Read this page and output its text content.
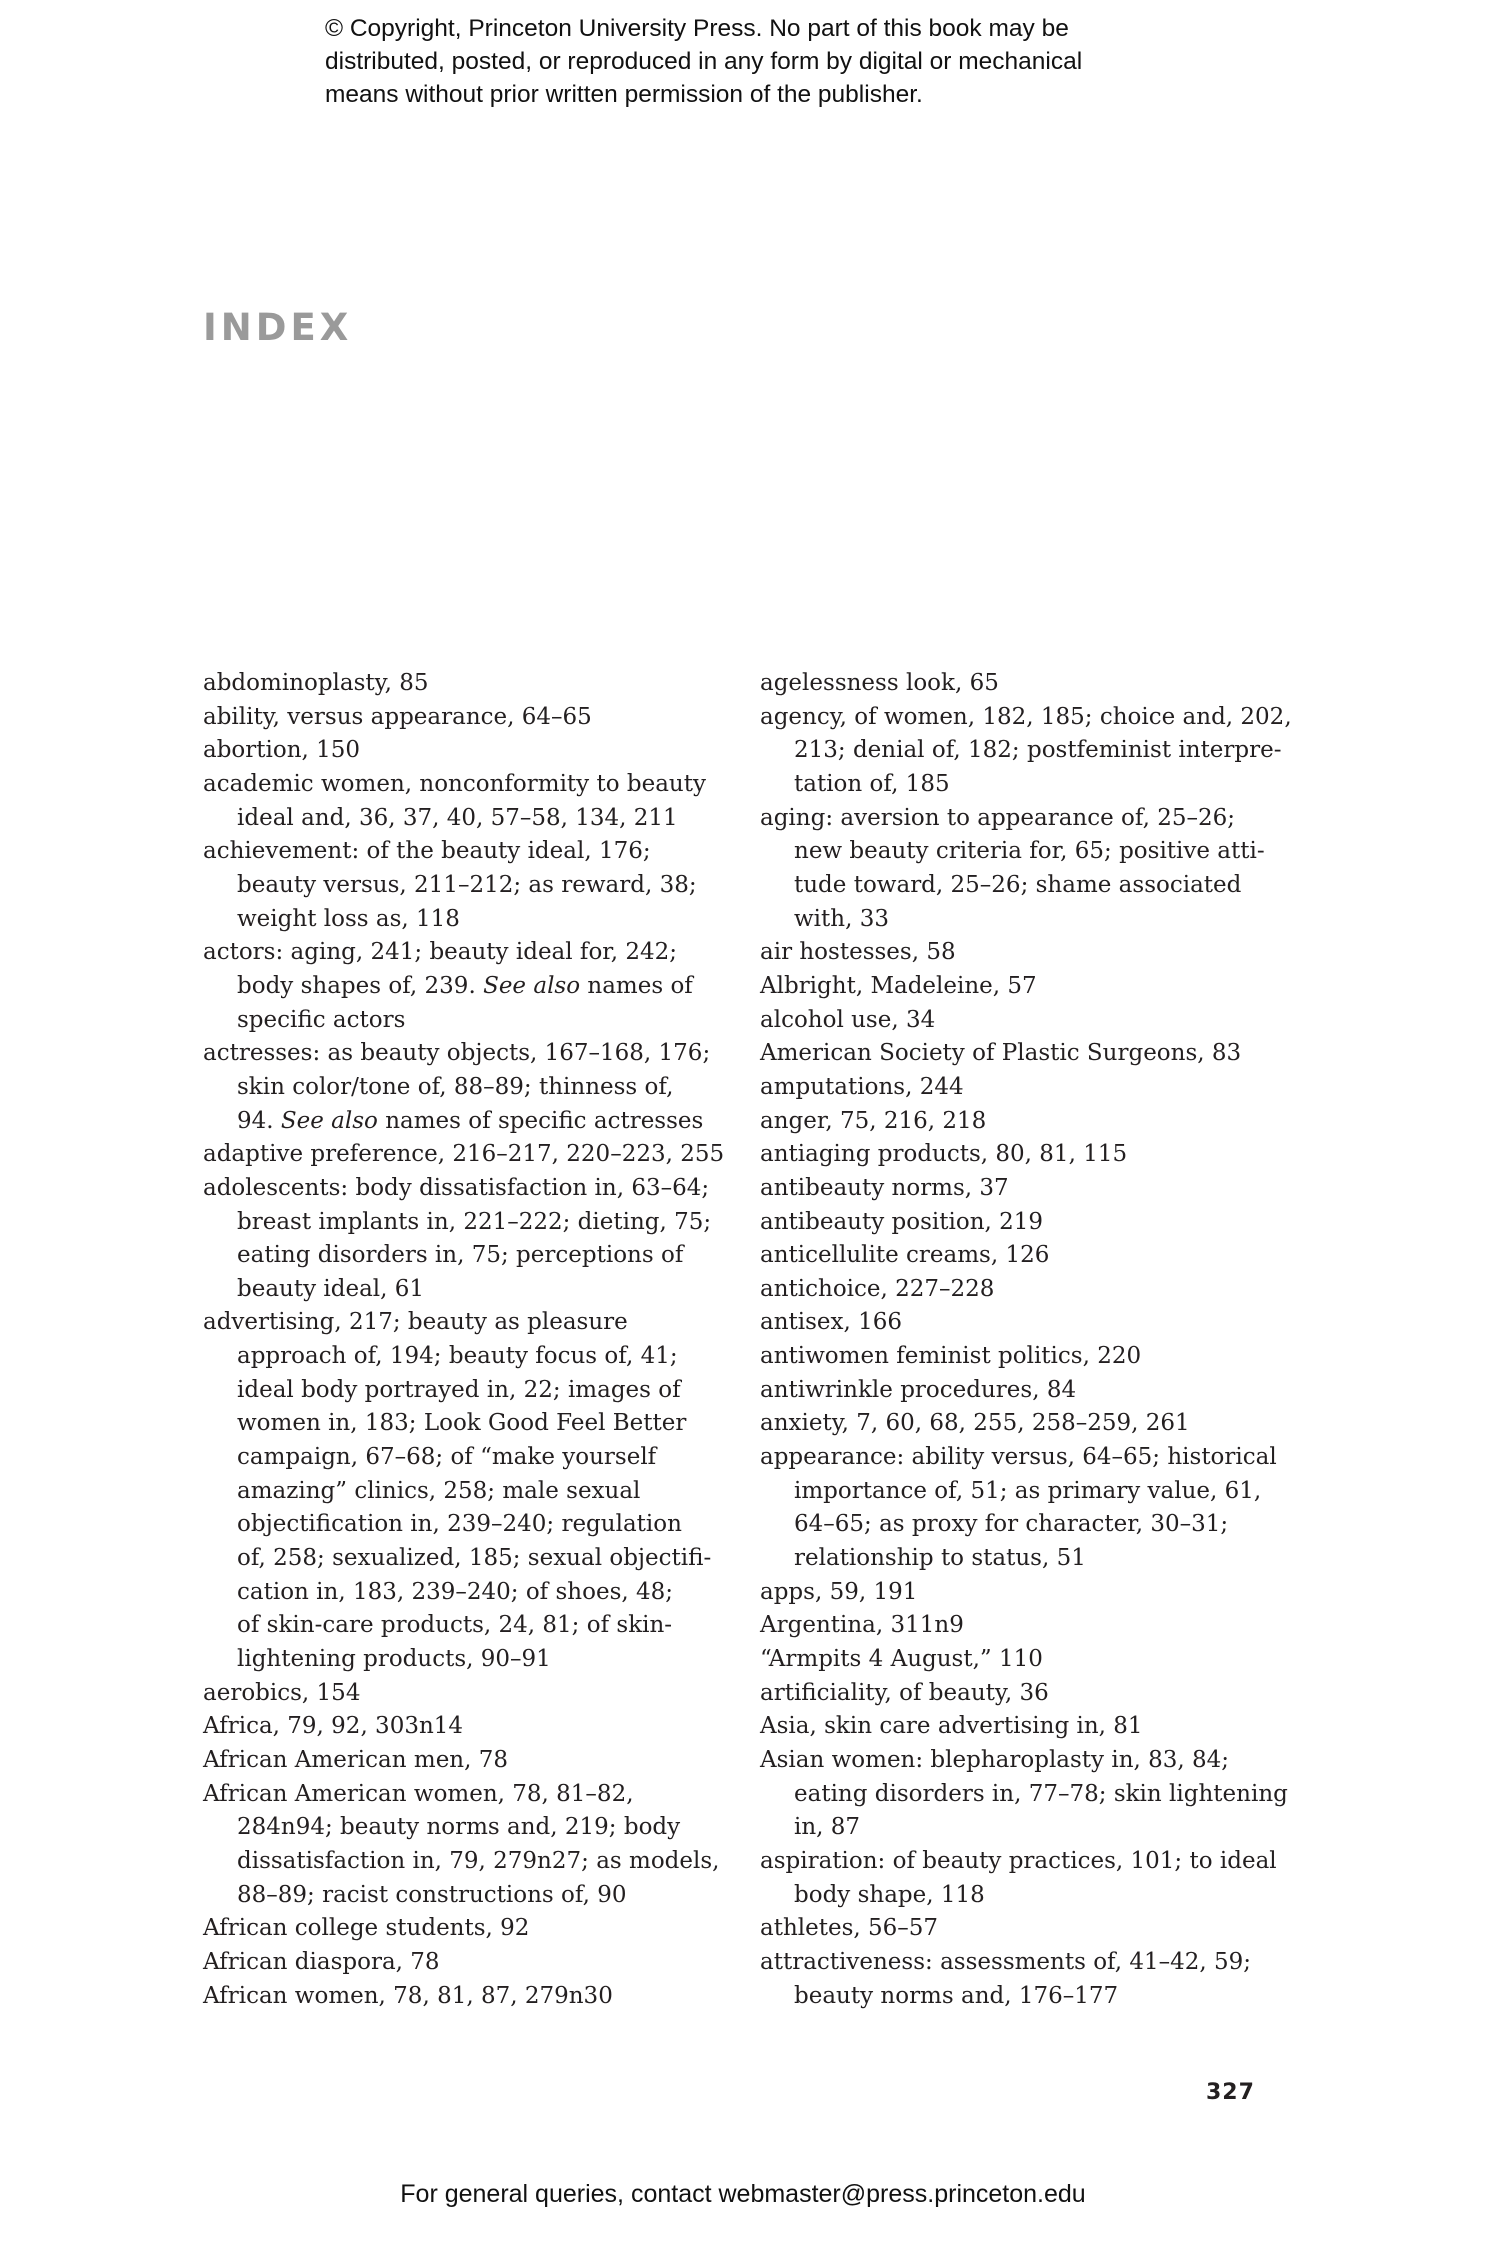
© Copyright, Princeton University Press. No part of this book may be
distributed, posted, or reproduced in any form by digital or mechanical
means without prior written permission of the publisher.
INDEX
abdominoplasty, 85
ability, versus appearance, 64–65
abortion, 150
academic women, nonconformity to beauty
ideal and, 36, 37, 40, 57–58, 134, 211
achievement: of the beauty ideal, 176;
beauty versus, 211–212; as reward, 38;
weight loss as, 118
actors: aging, 241; beauty ideal for, 242;
body shapes of, 239. See also names of
specific actors
actresses: as beauty objects, 167–168, 176;
skin color/tone of, 88–89; thinness of,
94. See also names of specific actresses
adaptive preference, 216–217, 220–223, 255
adolescents: body dissatisfaction in, 63–64;
breast implants in, 221–222; dieting, 75;
eating disorders in, 75; perceptions of
beauty ideal, 61
advertising, 217; beauty as pleasure
approach of, 194; beauty focus of, 41;
ideal body portrayed in, 22; images of
women in, 183; Look Good Feel Better
campaign, 67–68; of “make yourself
amazing” clinics, 258; male sexual
objectification in, 239–240; regulation
of, 258; sexualized, 185; sexual objectifi-
cation in, 183, 239–240; of shoes, 48;
of skin-care products, 24, 81; of skin-
lightening products, 90–91
aerobics, 154
Africa, 79, 92, 303n14
African American men, 78
African American women, 78, 81–82,
284n94; beauty norms and, 219; body
dissatisfaction in, 79, 279n27; as models,
88–89; racist constructions of, 90
African college students, 92
African diaspora, 78
African women, 78, 81, 87, 279n30
agelessness look, 65
agency, of women, 182, 185; choice and, 202,
213; denial of, 182; postfeminist interpre-
tation of, 185
aging: aversion to appearance of, 25–26;
new beauty criteria for, 65; positive atti-
tude toward, 25–26; shame associated
with, 33
air hostesses, 58
Albright, Madeleine, 57
alcohol use, 34
American Society of Plastic Surgeons, 83
amputations, 244
anger, 75, 216, 218
antiaging products, 80, 81, 115
antibeauty norms, 37
antibeauty position, 219
anticellulite creams, 126
antichoice, 227–228
antisex, 166
antiwomen feminist politics, 220
antiwrinkle procedures, 84
anxiety, 7, 60, 68, 255, 258–259, 261
appearance: ability versus, 64–65; historical
importance of, 51; as primary value, 61,
64–65; as proxy for character, 30–31;
relationship to status, 51
apps, 59, 191
Argentina, 311n9
“Armpits 4 August,” 110
artificiality, of beauty, 36
Asia, skin care advertising in, 81
Asian women: blepharoplasty in, 83, 84;
eating disorders in, 77–78; skin lightening
in, 87
aspiration: of beauty practices, 101; to ideal
body shape, 118
athletes, 56–57
attractiveness: assessments of, 41–42, 59;
beauty norms and, 176–177
327
For general queries, contact webmaster@press.princeton.edu
